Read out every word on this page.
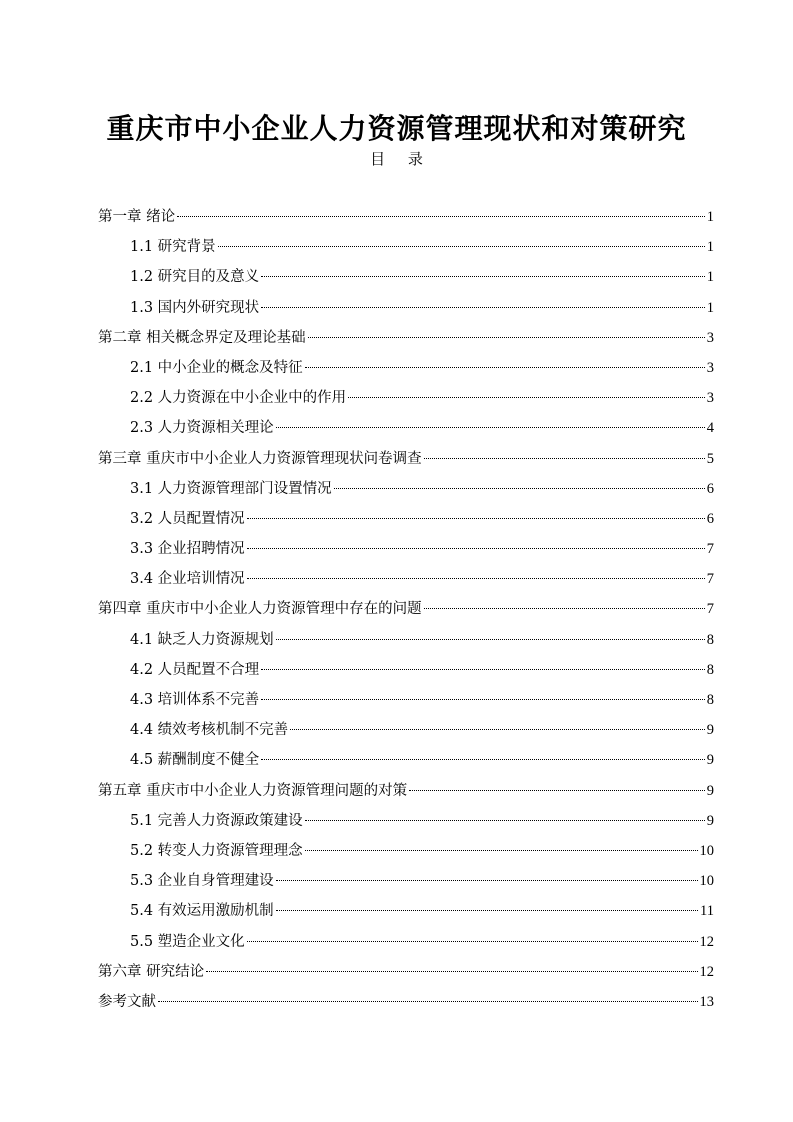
重庆市中小企业人力资源管理现状和对策研究
目 录
第一章 绪论	1
1.1 研究背景	1
1.2 研究目的及意义	1
1.3 国内外研究现状	1
第二章 相关概念界定及理论基础	3
2.1 中小企业的概念及特征	3
2.2 人力资源在中小企业中的作用	3
2.3 人力资源相关理论	4
第三章 重庆市中小企业人力资源管理现状问卷调查	5
3.1 人力资源管理部门设置情况	6
3.2 人员配置情况	6
3.3 企业招聘情况	7
3.4 企业培训情况	7
第四章 重庆市中小企业人力资源管理中存在的问题	7
4.1 缺乏人力资源规划	8
4.2 人员配置不合理	8
4.3 培训体系不完善	8
4.4 绩效考核机制不完善	9
4.5 薪酬制度不健全	9
第五章 重庆市中小企业人力资源管理问题的对策	9
5.1 完善人力资源政策建设	9
5.2 转变人力资源管理理念	10
5.3 企业自身管理建设	10
5.4 有效运用激励机制	11
5.5 塑造企业文化	12
第六章 研究结论	12
参考文献	13
